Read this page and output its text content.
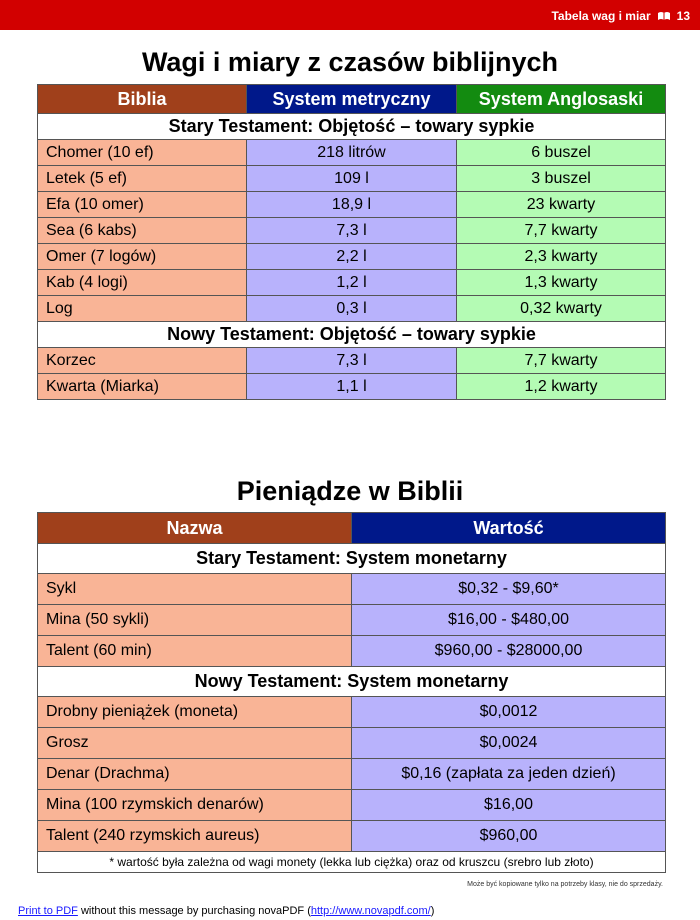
Tabela wag i miar 13
Wagi i miary z czasów biblijnych
Biblia	System metryczny	System Anglosaski
Stary Testament: Objętość – towary sypkie		
Chomer (10 ef)	218 litrów	6 buszel
Letek (5 ef)	109 l	3 buszel
Efa (10 omer)	18,9 l	23 kwarty
Sea (6 kabs)	7,3 l	7,7 kwarty
Omer (7 logów)	2,2 l	2,3 kwarty
Kab (4 logi)	1,2 l	1,3 kwarty
Log	0,3 l	0,32 kwarty
Nowy Testament: Objętość – towary sypkie		
Korzec	7,3 l	7,7 kwarty
Kwarta (Miarka)	1,1 l	1,2 kwarty
Pieniądze w Biblii
Nazwa	Wartość
Stary Testament: System monetarny	
Sykl	$0,32 - $9,60*
Mina (50 sykli)	$16,00 - $480,00
Talent (60 min)	$960,00 - $28000,00
Nowy Testament: System monetarny	
Drobny pieniążek (moneta)	$0,0012
Grosz	$0,0024
Denar (Drachma)	$0,16 (zapłata za jeden dzień)
Mina (100 rzymskich denarów)	$16,00
Talent (240 rzymskich aureus)	$960,00
* wartość była zależna od wagi monety (lekka lub ciężka) oraz od kruszcu (srebro lub złoto)	
Może być kopiowane tylko na potrzeby klasy, nie do sprzedaży.
Print to PDF without this message by purchasing novaPDF (http://www.novapdf.com/)
